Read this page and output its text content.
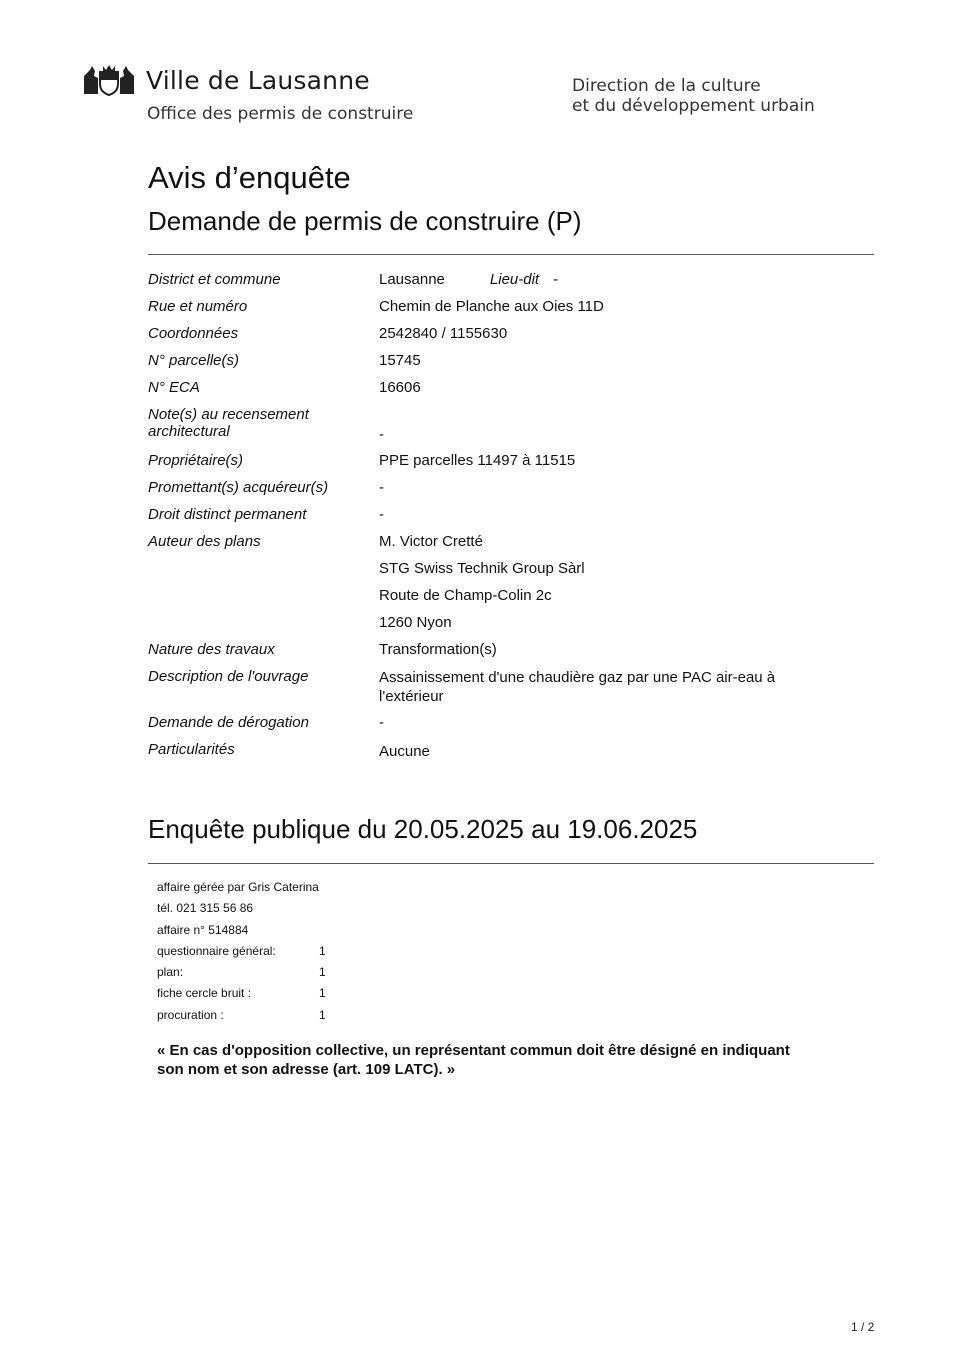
Ville de Lausanne
Office des permis de construire
Direction de la culture
et du développement urbain
Avis d’enquête
Demande de permis de construire (P)
District et commune	Lausanne	Lieu-dit -
Rue et numéro	Chemin de Planche aux Oies 11D
Coordonnées	2542840 / 1155630
N° parcelle(s)	15745
N° ECA	16606
Note(s) au recensement
architectural	-
Propriétaire(s)	PPE parcelles 11497 à 11515
Promettant(s) acquéreur(s)	-
Droit distinct permanent	-
Auteur des plans	M. Victor Cretté
STG Swiss Technik Group Sàrl
Route de Champ-Colin 2c
1260 Nyon
Nature des travaux	Transformation(s)
Description de l'ouvrage	Assainissement d'une chaudière gaz par une PAC air-eau à
l'extérieur
Demande de dérogation	-
Particularités	Aucune
Enquête publique du 20.05.2025 au 19.06.2025
affaire gérée par Gris Caterina
tél. 021 315 56 86
affaire n° 514884
questionnaire général:	1
plan:	1
fiche cercle bruit :	1
procuration :	1
« En cas d'opposition collective, un représentant commun doit être désigné en indiquant
son nom et son adresse (art. 109 LATC). »
1 / 2
